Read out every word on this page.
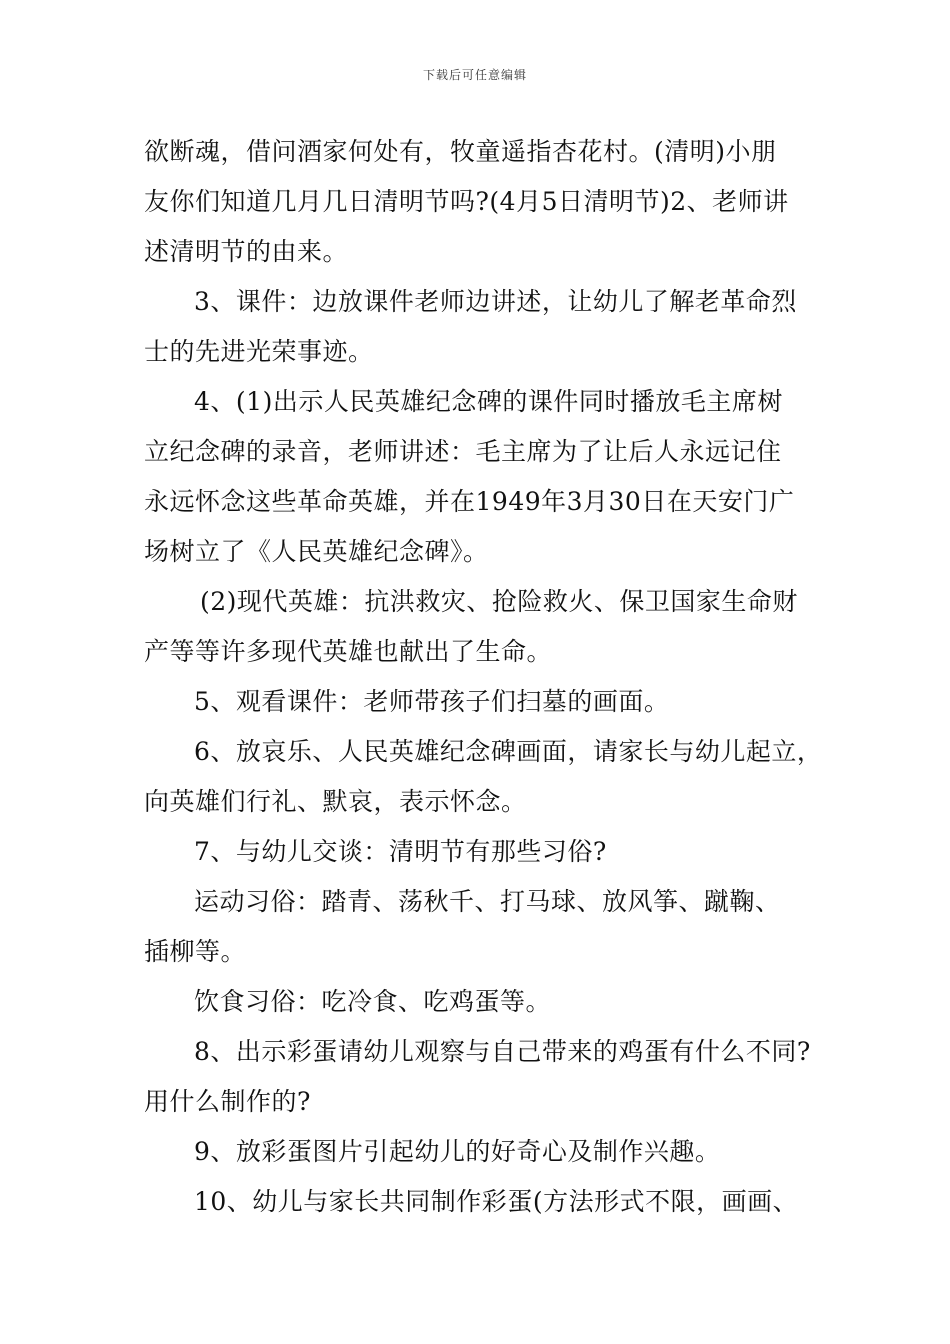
下载后可任意编辑
欲断魂，借问酒家何处有，牧童遥指杏花村。(清明)小朋
友你们知道几月几日清明节吗?(4月5日清明节)2、老师讲
述清明节的由来。
3、课件：边放课件老师边讲述，让幼儿了解老革命烈
士的先进光荣事迹。
4、(1)出示人民英雄纪念碑的课件同时播放毛主席树
立纪念碑的录音，老师讲述：毛主席为了让后人永远记住
永远怀念这些革命英雄，并在1949年3月30日在天安门广
场树立了《人民英雄纪念碑》。
(2)现代英雄：抗洪救灾、抢险救火、保卫国家生命财
产等等许多现代英雄也献出了生命。
5、观看课件：老师带孩子们扫墓的画面。
6、放哀乐、人民英雄纪念碑画面，请家长与幼儿起立，
向英雄们行礼、默哀，表示怀念。
7、与幼儿交谈：清明节有那些习俗?
运动习俗：踏青、荡秋千、打马球、放风筝、蹴鞠、
插柳等。
饮食习俗：吃冷食、吃鸡蛋等。
8、出示彩蛋请幼儿观察与自己带来的鸡蛋有什么不同?
用什么制作的?
9、放彩蛋图片引起幼儿的好奇心及制作兴趣。
10、幼儿与家长共同制作彩蛋(方法形式不限，画画、
